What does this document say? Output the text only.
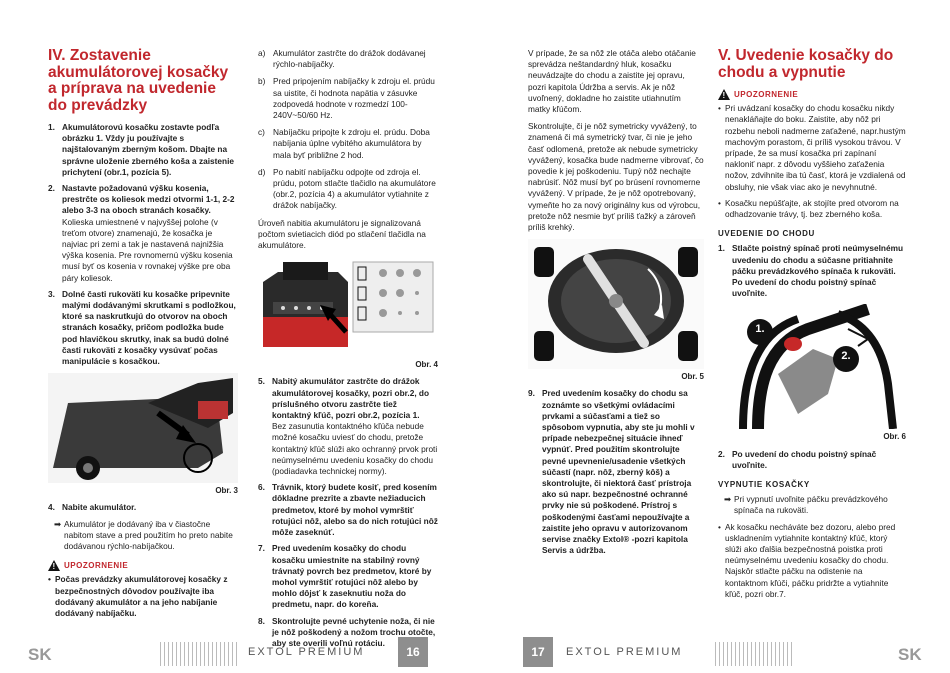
IV. Zostavenie akumulátorovej kosačky a príprava na uvedenie do prevádzky
1. Akumulátorovú kosačku zostavte podľa obrázku 1. Vždy ju používajte s najštalovaným zberným košom. Dbajte na správne uloženie zberného koša a zaistenie prichytení (obr.1, pozícia 5).
2. Nastavte požadovanú výšku kosenia, prestrčte os koliesok medzi otvormi 1-1, 2-2 alebo 3-3 na oboch stranách kosačky.
Kolieska umiestnené v najvyššej polohe (v treťom otvore) znamenajú, že kosačka je najviac pri zemi a tak je nastavená najnižšia výška kosenia. Pre rovnomernú výšku kosenia musí byť os kosenia v rovnakej výške pre oba páry koliesok.
3. Dolné časti rukoväti ku kosačke pripevnite malými dodávanými skrutkami s podložkou, ktoré sa naskrutkujú do otvorov na oboch stranách kosačky, pričom podložka bude pod hlavičkou skrutky, inak sa budú dolné časti rukoväti z kosačky vysúvať počas manipulácie s kosačkou.
Obr. 3
4. Nabite akumulátor.
➡ Akumulátor je dodávaný iba v čiastočne nabitom stave a pred použitím ho preto nabite dodávanou rýchlo-nabíjačkou.
!
UPOZORNENIE
• Počas prevádzky akumulátorovej kosačky z bezpečnostných dôvodov používajte iba dodávaný akumulátor a na jeho nabíjanie dodávaný nabíjačku.
a) Akumulátor zastrčte do drážok dodávanej rýchlo-nabíjačky.
b) Pred pripojením nabíjačky k zdroju el. prúdu sa uistite, či hodnota napätia v zásuvke zodpovedá hodnote v rozmedzí 100-240V~50/60 Hz.
c) Nabíjačku pripojte k zdroju el. prúdu. Doba nabíjania úplne vybitého akumulátora by mala byť približne 2 hod.
d) Po nabití nabíjačku odpojte od zdroja el. prúdu, potom stlačte tlačidlo na akumulátore (obr.2, pozícia 4) a akumulátor vytiahnite z drážok nabíjačky.

Úroveň nabitia akumulátoru je signalizovaná počtom svietiacich diód po stlačení tlačidla na akumulátore.

Obr. 4
5. Nabitý akumulátor zastrčte do drážok akumulátorovej kosačky, pozri obr.2, do príslušného otvoru zastrčte tiež kontaktný kľúč, pozri obr.2, pozícia 1.
Bez zasunutia kontaktného kľúča nebude možné kosačku uviesť do chodu, pretože kontaktný kľúč slúži ako ochranný prvok proti neúmyselnému uvedeniu kosačky do chodu (podiadavka technickej normy).
6. Trávnik, ktorý budete kosiť, pred kosením dôkladne prezrite a zbavte nežiaducich predmetov, ktoré by mohol vymrštiť rotujúci nôž, alebo sa do nich rotujúci nôž môže zaseknúť.
7. Pred uvedením kosačky do chodu kosačku umiestnite na stabilný rovný trávnatý povrch bez predmetov, ktoré by mohol vymrštiť rotujúci nôž alebo by mohlo dôjsť k zaseknutiu noža do predmetu, napr. do koreňa.
8. Skontrolujte pevné uchytenie noža, či nie je nôž poškodený a nožom trochu otočte, aby ste overili voľnú rotáciu.

V prípade, že sa nôž zle otáča alebo otáčanie sprevádza neštandardný hluk, kosačku neuvádzajte do chodu a zaistite jej opravu, pozri kapitola Údržba a servis. Ak je nôž uvoľnený, dokladne ho zaistite utiahnutím matky kľúčom.

Skontrolujte, či je nôž symetricky vyvážený, to znamená či má symetrický tvar, či nie je jeho časť odlomená, pretože ak nebude symetricky vyvážený, kosačka bude nadmerne vibrovať, čo povedie k jej poškodeniu. Tupý nôž nechajte nabrúsiť. Nôž musí byť po brúsení rovnomerne vyvážený. V prípade, že je nôž opotrebovaný, vymeňte ho za nový originálny kus od výrobcu, pretože nôž nesmie byť príliš ťažký a zároveň príliš krehký.

Obr. 5
9. Pred uvedením kosačky do chodu sa zoznámte so všetkými ovládacími prvkami a súčasťami a tiež so spôsobom vypnutia, aby ste ju mohli v prípade nebezpečnej situácie ihneď vypnúť. Pred použitím skontrolujte pevné upevnenie/usadenie všetkých súčastí (napr. nôž, zberný kôš) a skontrolujte, či niektorá časť prístroja ako sú napr. bezpečnostné ochranné prvky nie sú poškodené. Prístroj s poškodenými časťami nepoužívajte a zaistite jeho opravu v autorizovanom servise značky Extol® -pozri kapitola Servis a údržba.
V. Uvedenie kosačky do chodu a vypnutie
!
UPOZORNENIE
• Pri uvádzaní kosačky do chodu kosačku nikdy nenakláňajte do boku. Zaistite, aby nôž pri rozbehu neboli nadmerne zaťažené, napr.hustým machovým porastom, či príliš vysokou trávou. V prípade, že sa musí kosačka pri zapínaní nakloniť napr. z dôvodu vyššieho zaťaženia nožov, zdvihnite iba tú časť, ktorá je vzdialená od obsluhy, nie však viac ako je nevyhnutné.
• Kosačku nepúšťajte, ak stojíte pred otvorom na odhadzovanie trávy, tj. bez zberného koša.
UVEDENIE DO CHODU
1. Stlačte poistný spínač proti neúmyselnému uvedeniu do chodu a súčasne pritiahnite páčku prevádzkového spínača k rukoväti. Po uvedení do chodu poistný spínač uvoľnite.
1.
2.
Obr. 6
2. Po uvedení do chodu poistný spínač uvoľnite.
VYPNUTIE KOSAČKY
➡ Pri vypnutí uvoľnite páčku prevádzkového spínača na rukoväti.
• Ak kosačku necháváte bez dozoru, alebo pred uskladnením vytiahnite kontaktný kľúč, ktorý slúži ako ďalšia bezpečnostná poistka proti neúmyselnému uvedeniu kosačky do chodu. Najskôr stlačte páčku na odistenie na kontaktnom kľúči, páčku pridržte a vytiahnite kľúč, pozri obr.7.
SK	EXTOL PREMIUM	16	17	EXTOL PREMIUM	SK
